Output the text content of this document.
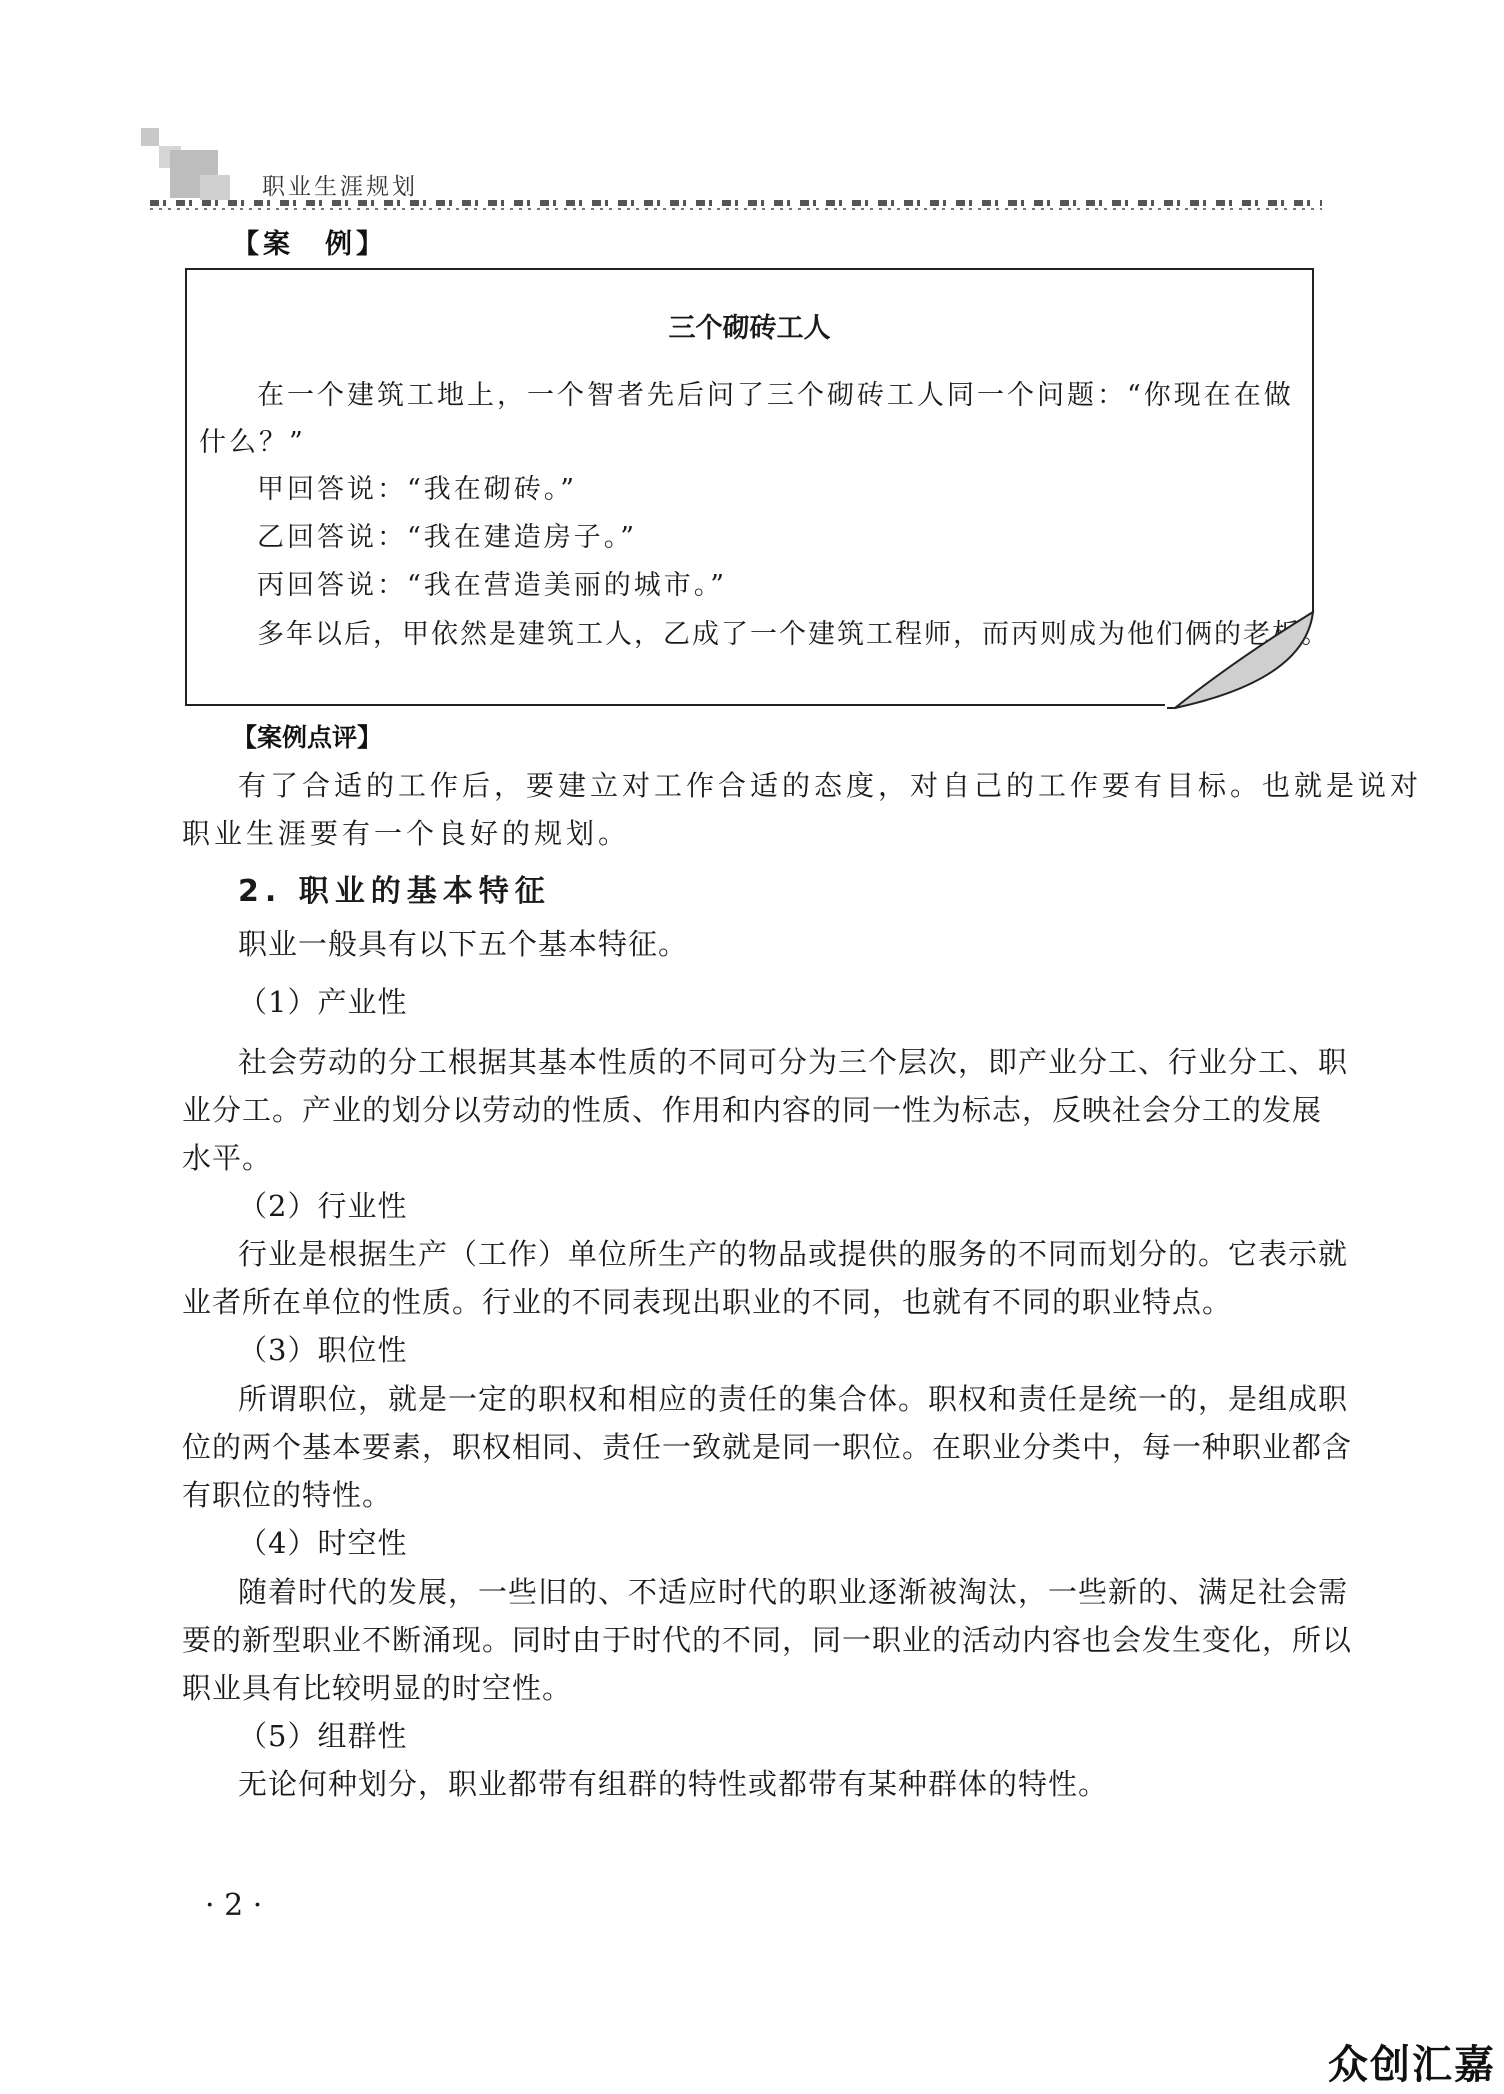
职业生涯规划
【案　例】
三个砌砖工人
在一个建筑工地上，一个智者先后问了三个砌砖工人同一个问题：“你现在在做
什么？”
甲回答说：“我在砌砖。”
乙回答说：“我在建造房子。”
丙回答说：“我在营造美丽的城市。”
多年以后，甲依然是建筑工人，乙成了一个建筑工程师，而丙则成为他们俩的老板。
【案例点评】
有了合适的工作后，要建立对工作合适的态度，对自己的工作要有目标。也就是说对
职业生涯要有一个良好的规划。
2. 职业的基本特征
职业一般具有以下五个基本特征。
（1）产业性
社会劳动的分工根据其基本性质的不同可分为三个层次，即产业分工、行业分工、职
业分工。产业的划分以劳动的性质、作用和内容的同一性为标志，反映社会分工的发展
水平。
（2）行业性
行业是根据生产（工作）单位所生产的物品或提供的服务的不同而划分的。它表示就
业者所在单位的性质。行业的不同表现出职业的不同，也就有不同的职业特点。
（3）职位性
所谓职位，就是一定的职权和相应的责任的集合体。职权和责任是统一的，是组成职
位的两个基本要素，职权相同、责任一致就是同一职位。在职业分类中，每一种职业都含
有职位的特性。
（4）时空性
随着时代的发展，一些旧的、不适应时代的职业逐渐被淘汰，一些新的、满足社会需
要的新型职业不断涌现。同时由于时代的不同，同一职业的活动内容也会发生变化，所以
职业具有比较明显的时空性。
（5）组群性
无论何种划分，职业都带有组群的特性或都带有某种群体的特性。
· 2 ·
众创汇嘉
